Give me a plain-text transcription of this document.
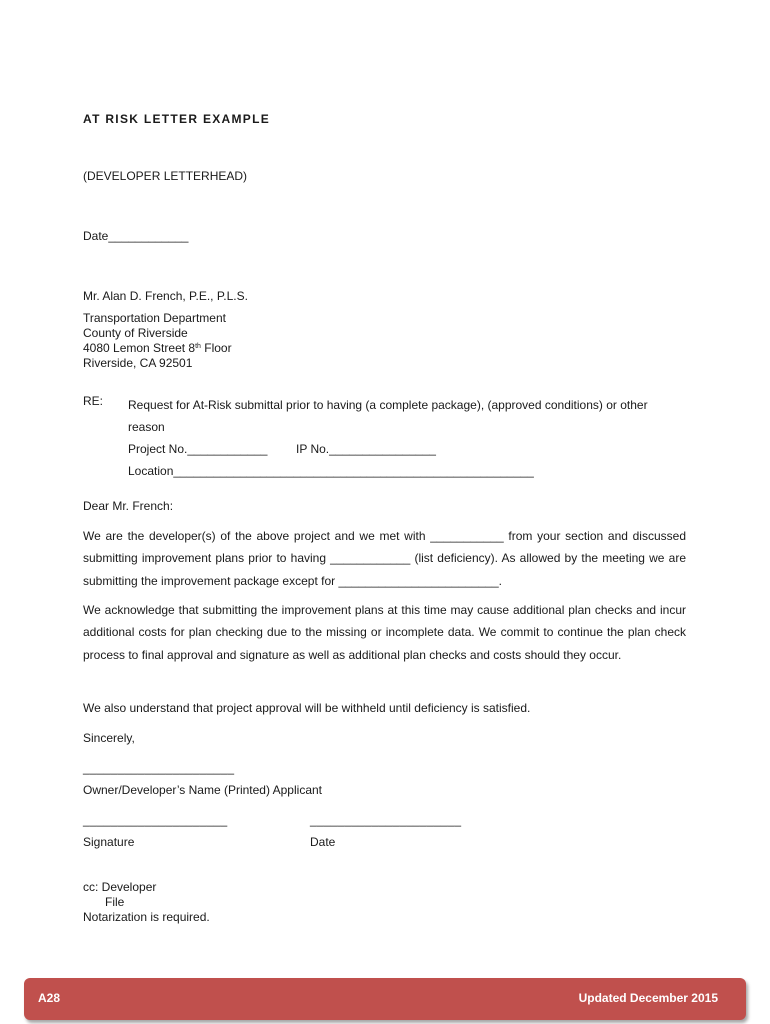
AT RISK LETTER EXAMPLE
(DEVELOPER LETTERHEAD)
Date____________
Mr. Alan D. French, P.E., P.L.S.
Transportation Department
County of Riverside
4080 Lemon Street 8th Floor
Riverside, CA 92501
RE: Request for At-Risk submittal prior to having (a complete package), (approved conditions) or other
reason
Project No.____________ IP No.________________
Location______________________________________________________
Dear Mr. French:
We are the developer(s) of the above project and we met with ___________ from your section and discussed submitting improvement plans prior to having ____________ (list deficiency). As allowed by the meeting we are submitting the improvement package except for ________________________.
We acknowledge that submitting the improvement plans at this time may cause additional plan checks and incur additional costs for plan checking due to the missing or incomplete data. We commit to continue the plan check process to final approval and signature as well as additional plan checks and costs should they occur.
We also understand that project approval will be withheld until deficiency is satisfied.
Sincerely,
______________________
Owner/Developer’s Name (Printed) Applicant
_____________________	______________________
Signature	Date
cc: Developer
File
Notarization is required.
A28	Updated December 2015
